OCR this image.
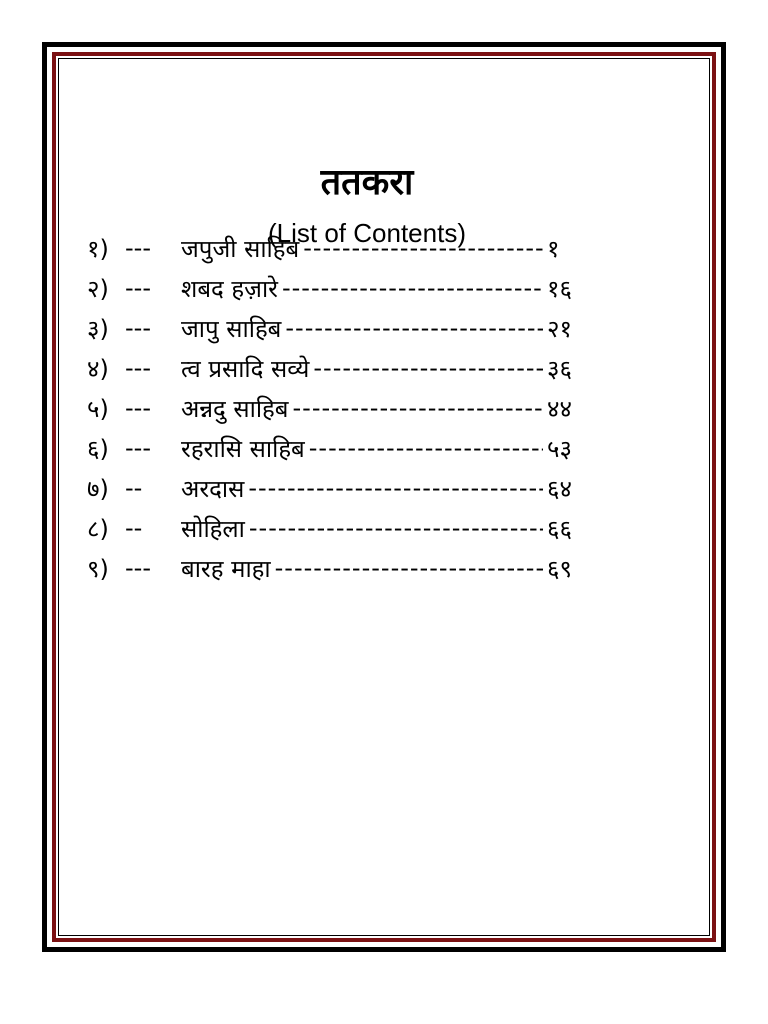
ततकरा
(List of Contents)
१) ---	जपुजी साहिब -----	१
२) ---	शबद हज़ारे -----	१६
३) ---	जापु साहिब -----	२१
४) ---	त्व प्रसादि सव्ये -----	३६
५) ---	अन्नदु साहिब -----	४४
६) ---	रहरासि साहिब -----	५३
७) --	अरदास -----	६४
८) --	सोहिला -----	६६
९) ---	बारह माहा -----	६९
